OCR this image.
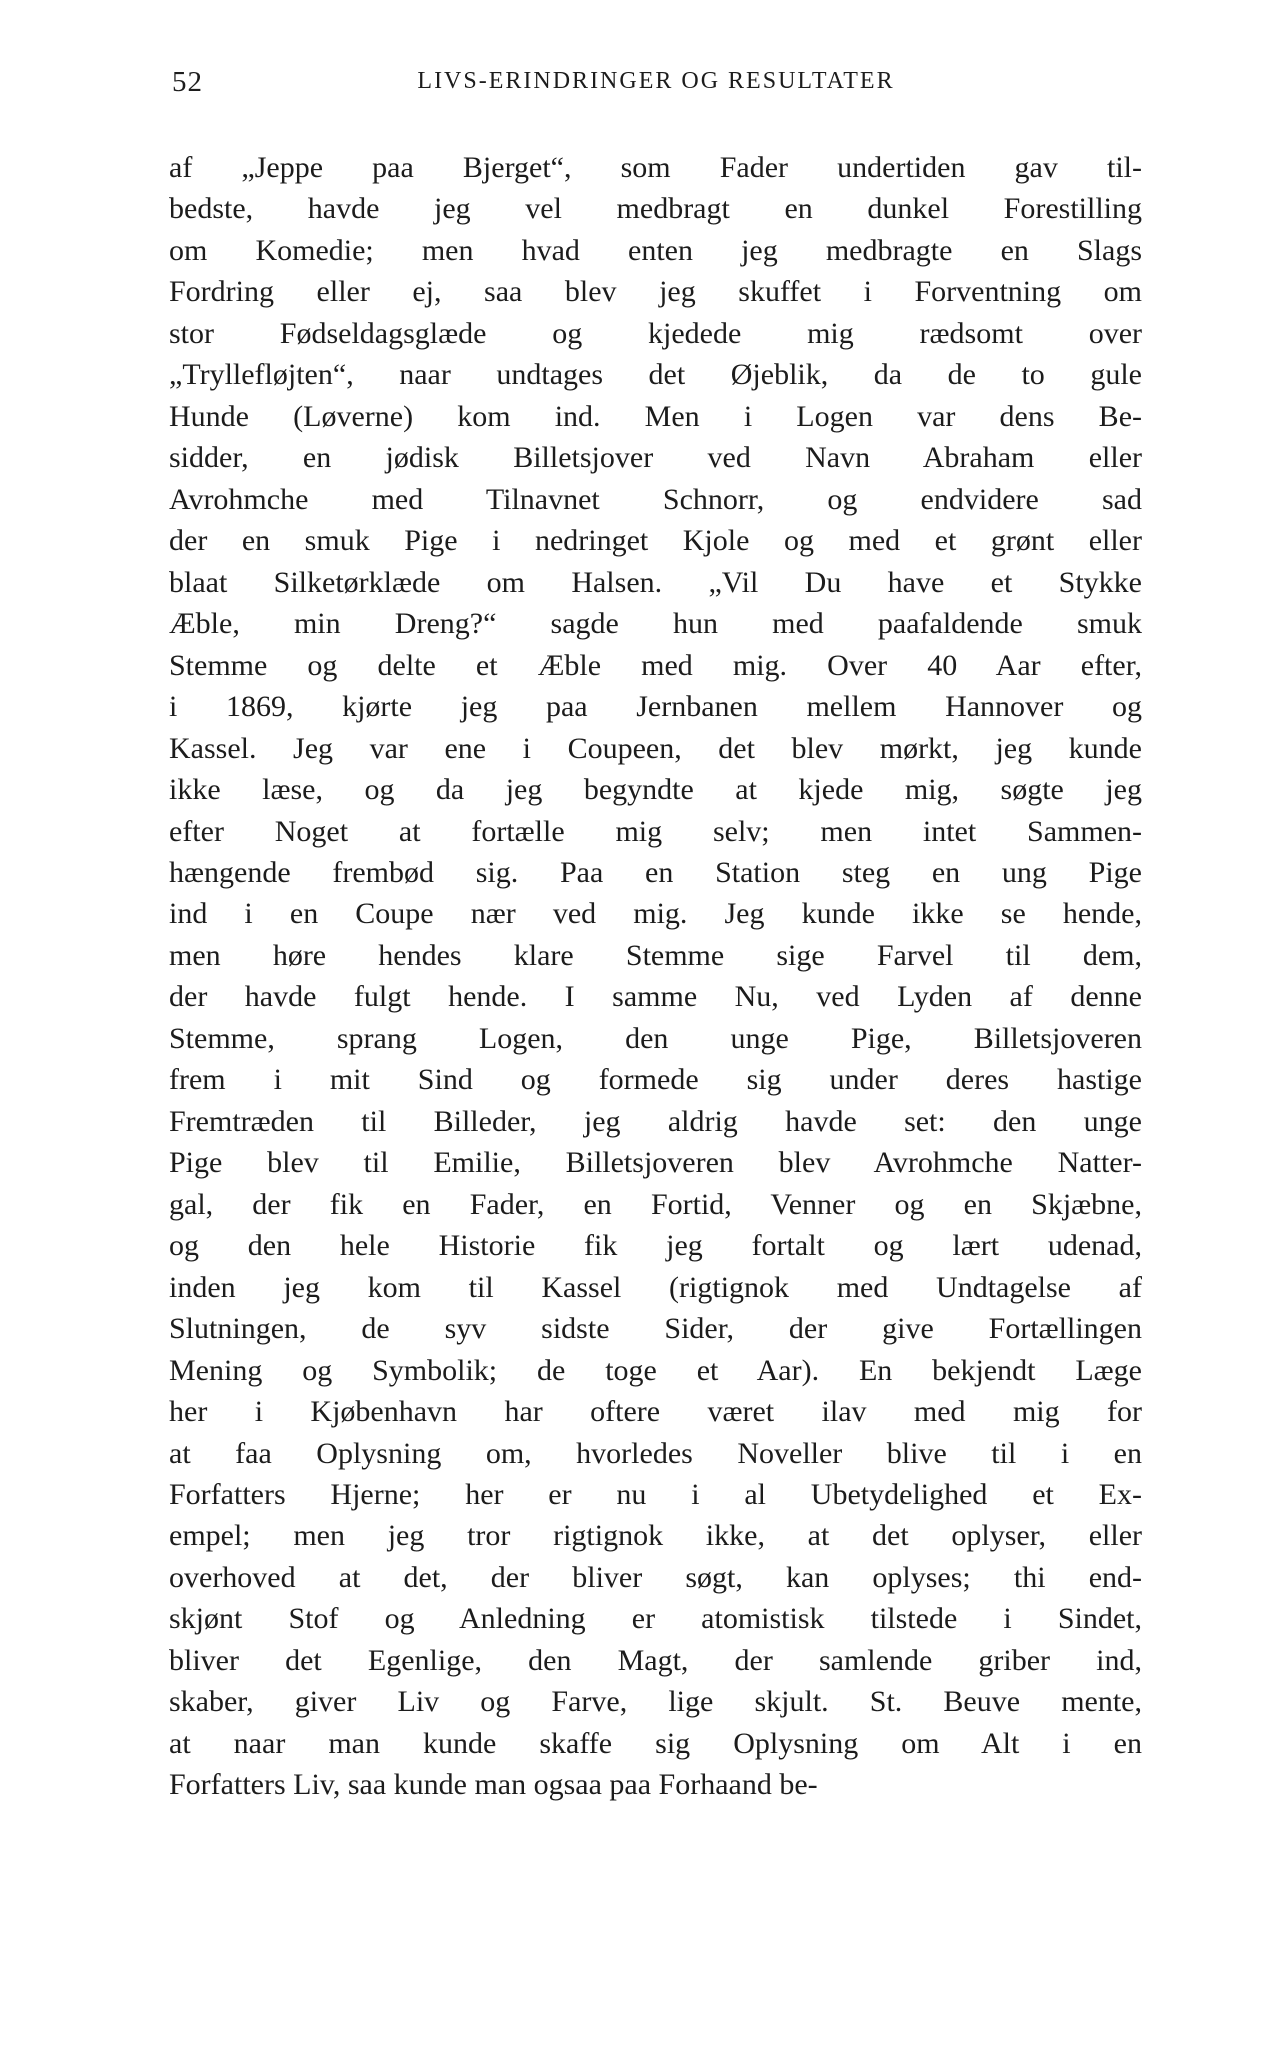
52	LIVS-ERINDRINGER OG RESULTATER
af „Jeppe paa Bjerget“, som Fader undertiden gav til-
bedste, havde jeg vel medbragt en dunkel Forestilling
om Komedie; men hvad enten jeg medbragte en Slags
Fordring eller ej, saa blev jeg skuffet i Forventning om
stor Fødseldagsglæde og kjedede mig rædsomt over
„Tryllefløjten“, naar undtages det Øjeblik, da de to gule
Hunde (Løverne) kom ind. Men i Logen var dens Be-
sidder, en jødisk Billetsjover ved Navn Abraham eller
Avrohmche med Tilnavnet Schnorr, og endvidere sad
der en smuk Pige i nedringet Kjole og med et grønt eller
blaat Silketørklæde om Halsen. „Vil Du have et Stykke
Æble, min Dreng?“ sagde hun med paafaldende smuk
Stemme og delte et Æble med mig. Over 40 Aar efter,
i 1869, kjørte jeg paa Jernbanen mellem Hannover og
Kassel. Jeg var ene i Coupeen, det blev mørkt, jeg kunde
ikke læse, og da jeg begyndte at kjede mig, søgte jeg
efter Noget at fortælle mig selv; men intet Sammen-
hængende frembød sig. Paa en Station steg en ung Pige
ind i en Coupe nær ved mig. Jeg kunde ikke se hende,
men høre hendes klare Stemme sige Farvel til dem,
der havde fulgt hende. I samme Nu, ved Lyden af denne
Stemme, sprang Logen, den unge Pige, Billetsjoveren
frem i mit Sind og formede sig under deres hastige
Fremtræden til Billeder, jeg aldrig havde set: den unge
Pige blev til Emilie, Billetsjoveren blev Avrohmche Natter-
gal, der fik en Fader, en Fortid, Venner og en Skjæbne,
og den hele Historie fik jeg fortalt og lært udenad,
inden jeg kom til Kassel (rigtignok med Undtagelse af
Slutningen, de syv sidste Sider, der give Fortællingen
Mening og Symbolik; de toge et Aar). En bekjendt Læge
her i Kjøbenhavn har oftere været ilav med mig for
at faa Oplysning om, hvorledes Noveller blive til i en
Forfatters Hjerne; her er nu i al Ubetydelighed et Ex-
empel; men jeg tror rigtignok ikke, at det oplyser, eller
overhoved at det, der bliver søgt, kan oplyses; thi end-
skjønt Stof og Anledning er atomistisk tilstede i Sindet,
bliver det Egenlige, den Magt, der samlende griber ind,
skaber, giver Liv og Farve, lige skjult. St. Beuve mente,
at naar man kunde skaffe sig Oplysning om Alt i en
Forfatters Liv, saa kunde man ogsaa paa Forhaand be-
